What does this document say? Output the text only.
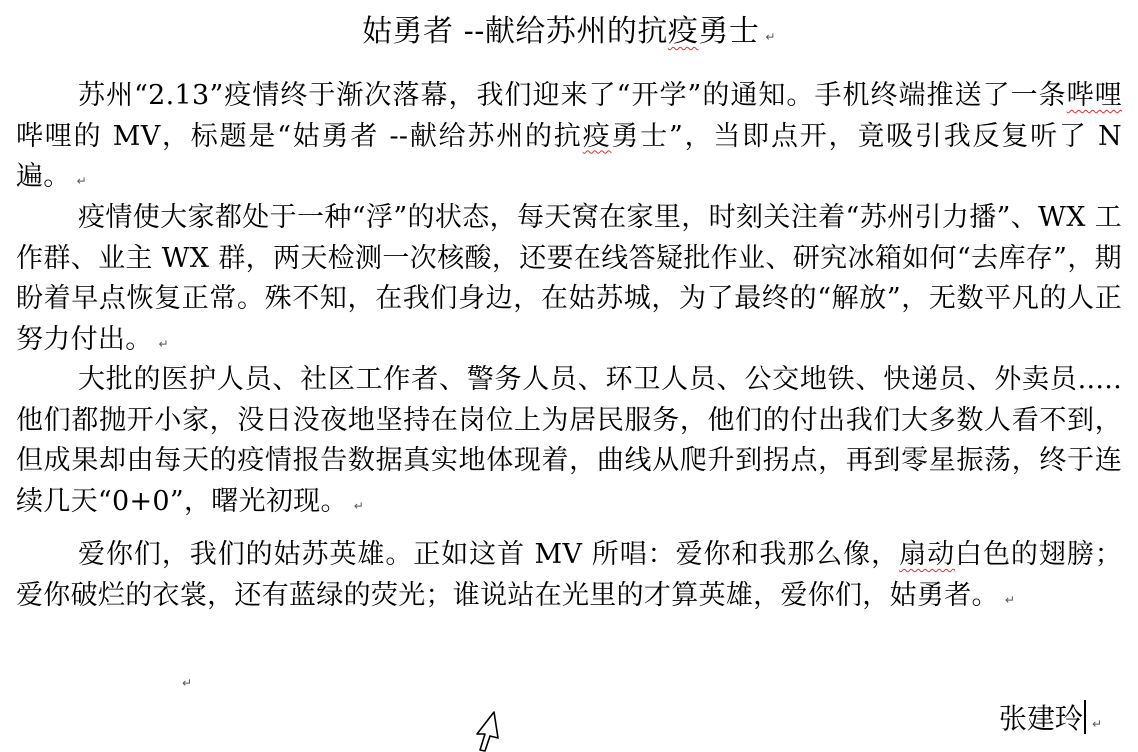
姑勇者 --献给苏州的抗疫勇士 ↵
苏州“2.13”疫情终于渐次落幕，我们迎来了“开学”的通知。手机终端推送了一条哔哩哔哩的 MV，标题是“姑勇者 --献给苏州的抗疫勇士”，当即点开，竟吸引我反复听了 N 遍。 ↵
疫情使大家都处于一种“浮”的状态，每天窝在家里，时刻关注着“苏州引力播”、WX 工作群、业主 WX 群，两天检测一次核酸，还要在线答疑批作业、研究冰箱如何“去库存”，期盼着早点恢复正常。殊不知，在我们身边，在姑苏城，为了最终的“解放”，无数平凡的人正努力付出。 ↵
大批的医护人员、社区工作者、警务人员、环卫人员、公交地铁、快递员、外卖员.....他们都抛开小家，没日没夜地坚持在岗位上为居民服务，他们的付出我们大多数人看不到，但成果却由每天的疫情报告数据真实地体现着，曲线从爬升到拐点，再到零星振荡，终于连续几天“0+0”，曙光初现。 ↵
爱你们，我们的姑苏英雄。正如这首 MV 所唱：爱你和我那么像，扇动白色的翅膀；爱你破烂的衣裳，还有蓝绿的荧光；谁说站在光里的才算英雄，爱你们，姑勇者。 ↵
↵
张建玲 ↵
